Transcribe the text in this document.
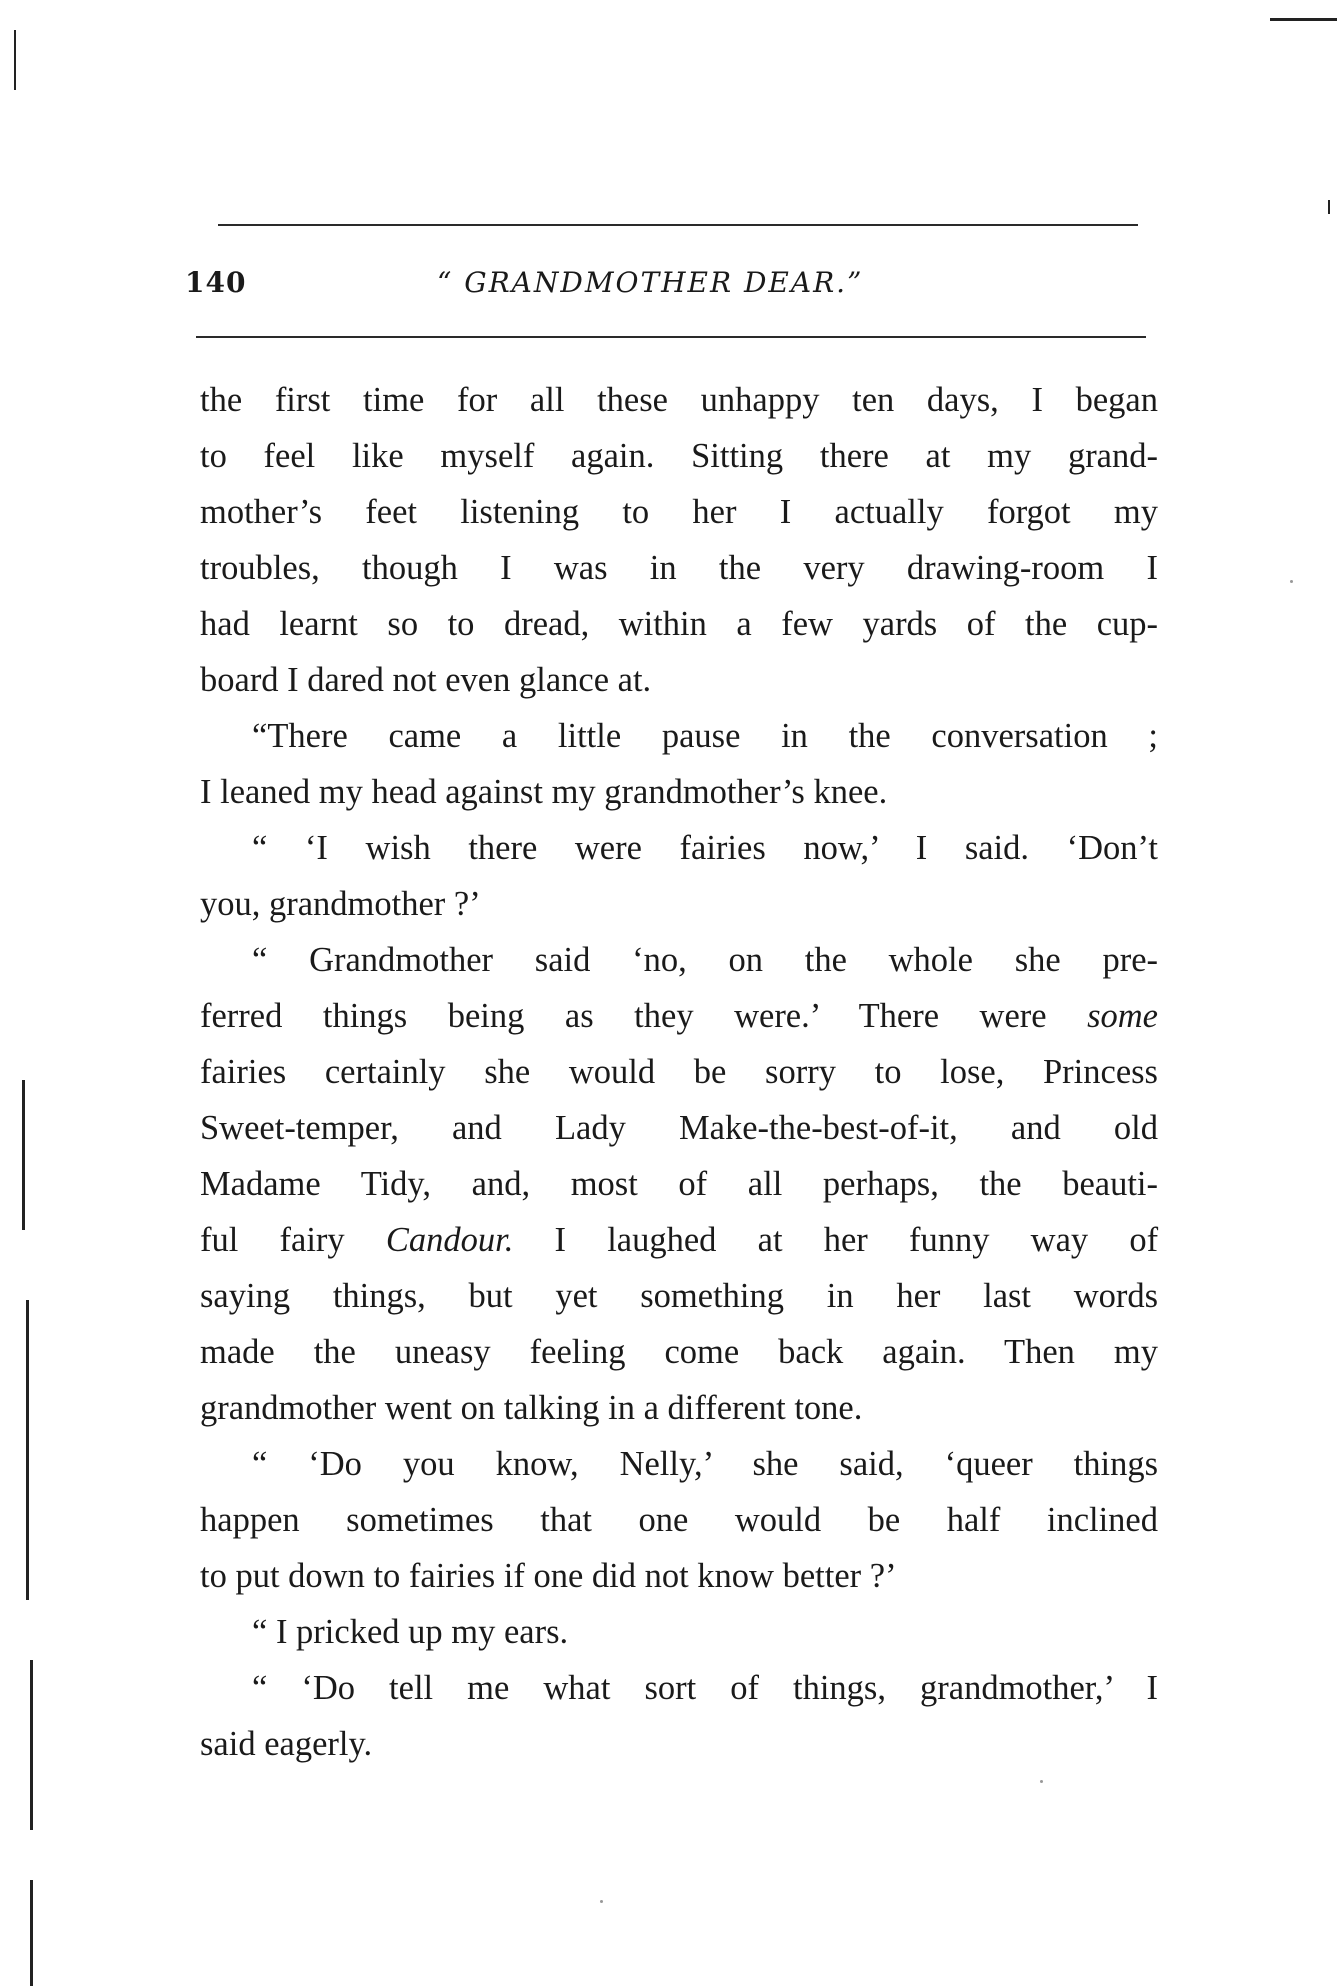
140	“ GRANDMOTHER DEAR.”
the first time for all these unhappy ten days, I began
to feel like myself again. Sitting there at my grand-
mother’s feet listening to her I actually forgot my
troubles, though I was in the very drawing-room I
had learnt so to dread, within a few yards of the cup-
board I dared not even glance at.
“There came a little pause in the conversation ;
I leaned my head against my grandmother’s knee.
“ ‘I wish there were fairies now,’ I said. ‘Don’t
you, grandmother ?’
“ Grandmother said ‘no, on the whole she pre-
ferred things being as they were.’ There were some
fairies certainly she would be sorry to lose, Princess
Sweet-temper, and Lady Make-the-best-of-it, and old
Madame Tidy, and, most of all perhaps, the beauti-
ful fairy Candour. I laughed at her funny way of
saying things, but yet something in her last words
made the uneasy feeling come back again. Then my
grandmother went on talking in a different tone.
“ ‘Do you know, Nelly,’ she said, ‘queer things
happen sometimes that one would be half inclined
to put down to fairies if one did not know better ?’
“ I pricked up my ears.
“ ‘Do tell me what sort of things, grandmother,’ I
said eagerly.
